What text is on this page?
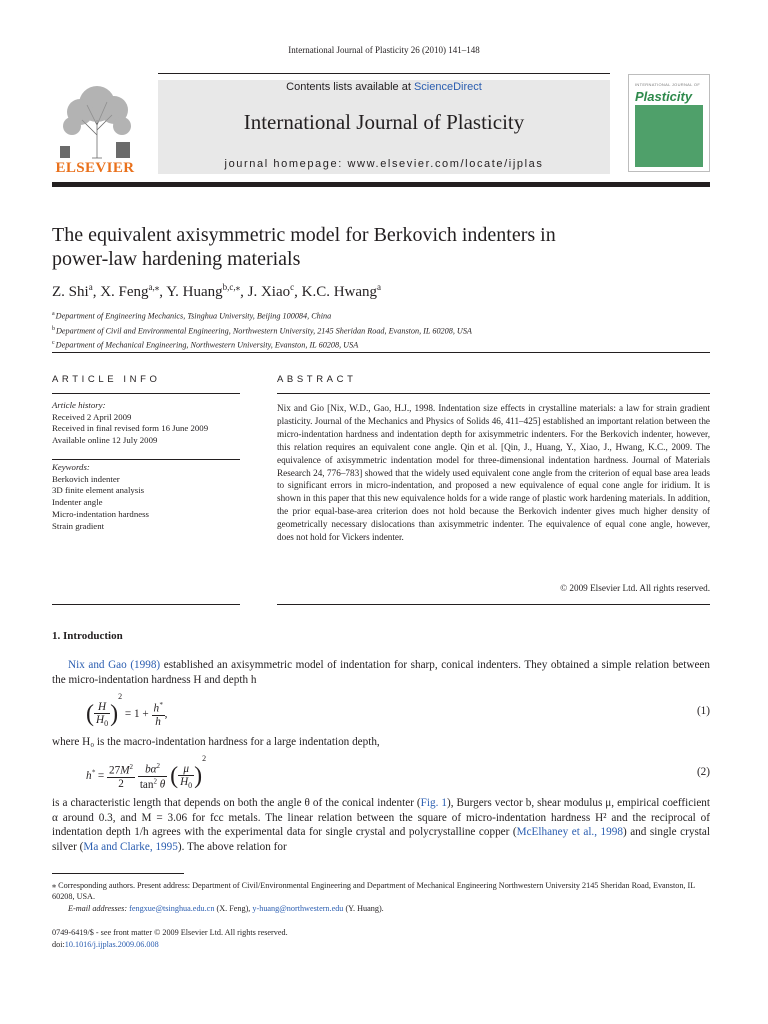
International Journal of Plasticity 26 (2010) 141–148
ELSEVIER
Contents lists available at ScienceDirect
International Journal of Plasticity
journal homepage: www.elsevier.com/locate/ijplas
INTERNATIONAL JOURNAL OF
Plasticity
The equivalent axisymmetric model for Berkovich indenters in
power-law hardening materials
Z. Shi$^a$, X. Feng$^{a,⁎}$, Y. Huang$^{b,c,⁎}$, J. Xiao$^c$, K.C. Hwang$^a$
$^a$Department of Engineering Mechanics, Tsinghua University, Beijing 100084, China
$^b$Department of Civil and Environmental Engineering, Northwestern University, 2145 Sheridan Road, Evanston, IL 60208, USA
$^c$Department of Mechanical Engineering, Northwestern University, Evanston, IL 60208, USA
ARTICLE INFO
Article history:
Received 2 April 2009
Received in final revised form 16 June 2009
Available online 12 July 2009
Keywords:
Berkovich indenter
3D finite element analysis
Indenter angle
Micro-indentation hardness
Strain gradient
ABSTRACT
Nix and Gio [Nix, W.D., Gao, H.J., 1998. Indentation size effects in crystalline materials: a law for strain gradient plasticity. Journal of the Mechanics and Physics of Solids 46, 411–425] established an important relation between the micro-indentation hardness and indentation depth for axisymmetric indenters. For the Berkovich indenter, however, this relation requires an equivalent cone angle. Qin et al. [Qin, J., Huang, Y., Xiao, J., Hwang, K.C., 2009. The equivalence of axisymmetric indentation model for three-dimensional indentation hardness. Journal of Materials Research 24, 776–783] showed that the widely used equivalent cone angle from the criterion of equal base area leads to significant errors in micro-indentation, and proposed a new equivalence of equal cone angle for iridium. It is shown in this paper that this new equivalence holds for a wide range of plastic work hardening materials. In addition, the prior equal-base-area criterion does not hold because the Berkovich indenter gives much higher density of geometrically necessary dislocations than axisymmetric indenter. The equivalence of equal cone angle, however, does not hold for Vickers indenter.
© 2009 Elsevier Ltd. All rights reserved.
1. Introduction
Nix and Gao (1998) established an axisymmetric model of indentation for sharp, conical indenters. They obtained a simple relation between the micro-indentation hardness H and depth h
( $\frac{H}{H_0} )^2 = 1 + \frac{h^*}{h}$ ,	(1)
where H₀ is the macro-indentation hardness for a large indentation depth,
$h^* = \frac{27M^2}{2}$
$\frac{b\alpha^2}{\tan^2 \theta}$ ( $\frac{\mu}{H_0} )^2$
(2)
is a characteristic length that depends on both the angle θ of the conical indenter (Fig. 1), Burgers vector b, shear modulus μ, empirical coefficient α around 0.3, and M = 3.06 for fcc metals. The linear relation between the square of micro-indentation hardness H² and the reciprocal of indentation depth 1/h agrees with the experimental data for single crystal and polycrystalline copper (McElhaney et al., 1998) and single crystal silver (Ma and Clarke, 1995). The above relation for
⁎ Corresponding authors. Present address: Department of Civil/Environmental Engineering and Department of Mechanical Engineering Northwestern University 2145 Sheridan Road, Evanston, IL 60208, USA.
E-mail addresses: fengxue@tsinghua.edu.cn (X. Feng), y-huang@northwestern.edu (Y. Huang).
0749-6419/$ - see front matter © 2009 Elsevier Ltd. All rights reserved.
doi:10.1016/j.ijplas.2009.06.008
